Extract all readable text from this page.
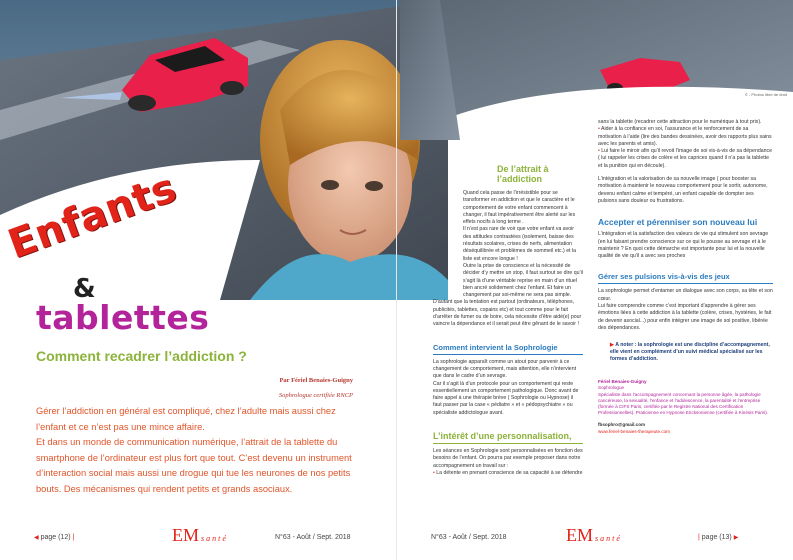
© - Photos libre de droit
Enfants
&
tablettes
Comment recadrer l’addiction ?
Par Fériel Benaies-Guigny
Sophrologue certifiée RNCP

Gérer l’addiction en général est compliqué, chez l’adulte mais aussi chez l’enfant et ce n’est pas une mince affaire.

Et dans un monde de communication numérique, l’attrait de la tablette du smartphone de l’ordinateur est plus fort que tout. C’est devenu un instrument d’interaction social mais aussi une drogue qui tue les neurones de nos petits bouts. Des mécanismes qui rendent petits et grands asociaux.

De l’attrait à l’addiction

Quand cela passe de l’irrésistible pour se transformer en addiction et que le caractère et le comportement de votre enfant commencent à changer, il faut impérativement être alerté sur les effets nocifs à long terme .

Il n’est pas rare de voir que votre enfant va avoir des attitudes contrastées (isolement, baisse des résultats scolaires, crises de nerfs, alimentation déséquilibrée et problèmes de sommeil etc.) et la liste est encore longue !

Outre la prise de conscience et la nécessité de décider d’y mettre un stop, il faut surtout se dire qu’il s’agit là d’une véritable reprise en main d’un rituel bien ancré solidement chez l’enfant. Et faire un changement par soi-même ne sera pas simple.

D’autant que la tentation est partout (ordinateurs, téléphones, publicités, tablettes, copains etc) et tout comme pour le fait d’arrêter de fumer ou de boire, cela nécessite d’être aidé(e) pour vaincre la dépendance et il serait peut être gênant de le savoir !

Comment intervient la Sophrologie

La sophrologie apparaît comme un atout pour parvenir à ce changement de comportement, mais attention, elle n’intervient que dans le cadre d’un sevrage.

Car il s’agit là d’un protocole pour un comportement qui reste essentiellement un comportement pathologique. Donc avant de faire appel à une thérapie brève ( Sophrologie ou Hypnose) il faut passer par la case « pédiatre » et « pédopsychiatre » ou spécialiste addictologue avant.

L’intérêt d’une personnalisation,

Les séances en Sophrologie sont personnalisées en fonction des besoins de l’enfant. On pourra par exemple proposer dans notre accompagnement un travail sur :

• La détente en prenant conscience de sa capacité à se détendre

sans la tablette (recadrer cette attraction pour le numérique à tout prix).

• Aider à la confiance en soi, l’assurance et le renforcement de sa motivation à l’aide (lire des bandes dessinées, avoir des rapports plus sains avec les parents et amis).

• Lui faire le miroir afin qu’il revoit l’image de soi vis-à-vis de sa dépendance ( lui rappeler les crises de colère et les caprices quand il n’a pas la tablette et la punition qui en découle).

L’intégration et la valorisation de sa nouvelle image ( pour booster sa motivation à maintenir le nouveau comportement pour le sortir, autonome, devenu enfant calme et tempéré, un enfant capable de dompter ses pulsions sans douleur ou frustrations.

Accepter et pérenniser son nouveau lui

L’intégration et la satisfaction des valeurs de vie qui stimulent son sevrage (en lui faisant prendre conscience sur ce qui le pousse au sevrage et à le maintenir ? En quoi cette démarche est importante pour lui et la nouvelle qualité de vie qu’il a avec ses proches

Gérer ses pulsions vis-à-vis des jeux

La sophrologie permet d’entamer un dialogue avec son corps, sa tête et son cœur.

Lui faire comprendre comme c’est important d’apprendre à gérer ses émotions liées à cette addiction à la tablette (colère, crises, hystéries, le fait de devenir asocial...) pour enfin intégrer une image de soi positive, libérée des dépendances.

▶ A noter : la sophrologie est une discipline d’accompagnement, elle vient en complément d’un suivi médical spécialisé sur les formes d’addiction.

Fériel Benaies-Guigny
Sophrologue
Spécialiste dans l’accompagnement concernant la personne âgée, la pathologie cancéreuse, la sexualité, l’enfance et l’adolescence, la parentalité et l’entreprise (formée à CIFS Paris, certifiée par le Registre National des Certification Professionnelles). Praticienne en Hypnose Ericksonienne (certifiée à Kinésis Paris).
fbsophro@gmail.com
www.feriel-benaies-therapeute.com
◀ page (12) |	EM santé	N°63 - Août / Sept. 2018	N°63 - Août / Sept. 2018	EM santé	| page (13) ▶
